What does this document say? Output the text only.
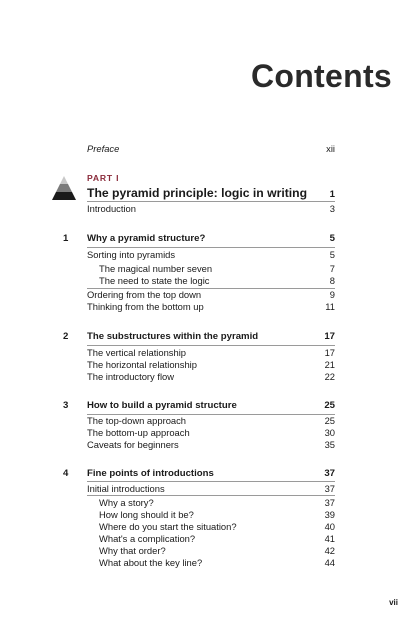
Contents
Preface	xii
PART I
The pyramid principle: logic in writing 1
Introduction	3
1 Why a pyramid structure?	5
Sorting into pyramids	5
The magical number seven	7
The need to state the logic	8
Ordering from the top down	9
Thinking from the bottom up	11
2 The substructures within the pyramid	17
The vertical relationship	17
The horizontal relationship	21
The introductory flow	22
3 How to build a pyramid structure	25
The top-down approach	25
The bottom-up approach	30
Caveats for beginners	35
4 Fine points of introductions	37
Initial introductions	37
Why a story?	37
How long should it be?	39
Where do you start the situation?	40
What's a complication?	41
Why that order?	42
What about the key line?	44
vii
